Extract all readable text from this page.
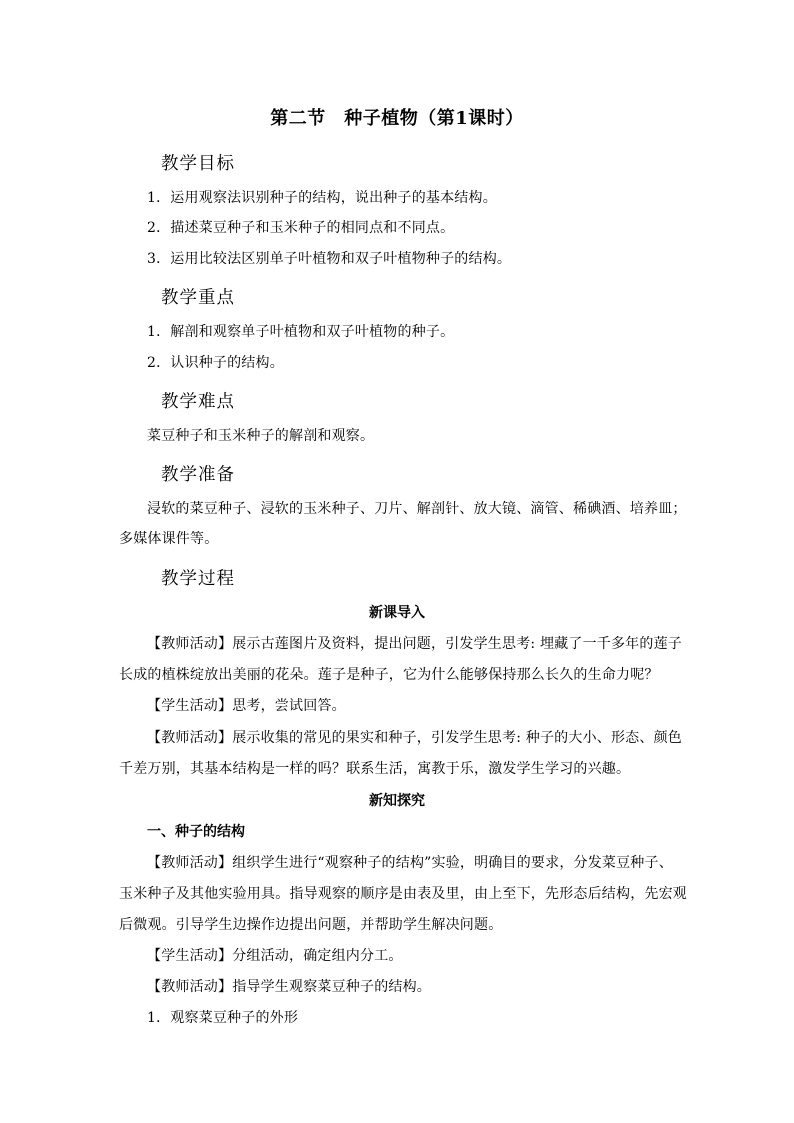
第二节　种子植物（第1课时）
教学目标
1．运用观察法识别种子的结构，说出种子的基本结构。
2．描述菜豆种子和玉米种子的相同点和不同点。
3．运用比较法区别单子叶植物和双子叶植物种子的结构。
教学重点
1．解剖和观察单子叶植物和双子叶植物的种子。
2．认识种子的结构。
教学难点
菜豆种子和玉米种子的解剖和观察。
教学准备
浸软的菜豆种子、浸软的玉米种子、刀片、解剖针、放大镜、滴管、稀碘酒、培养皿；
多媒体课件等。
教学过程
新课导入
【教师活动】展示古莲图片及资料，提出问题，引发学生思考: 埋藏了一千多年的莲子
长成的植株绽放出美丽的花朵。莲子是种子，它为什么能够保持那么长久的生命力呢？
【学生活动】思考，尝试回答。
【教师活动】展示收集的常见的果实和种子，引发学生思考: 种子的大小、形态、颜色
千差万别，其基本结构是一样的吗？联系生活，寓教于乐，激发学生学习的兴趣。
新知探究
一、种子的结构
【教师活动】组织学生进行“观察种子的结构”实验，明确目的要求，分发菜豆种子、
玉米种子及其他实验用具。指导观察的顺序是由表及里，由上至下，先形态后结构，先宏观
后微观。引导学生边操作边提出问题，并帮助学生解决问题。
【学生活动】分组活动，确定组内分工。
【教师活动】指导学生观察菜豆种子的结构。
1．观察菜豆种子的外形
